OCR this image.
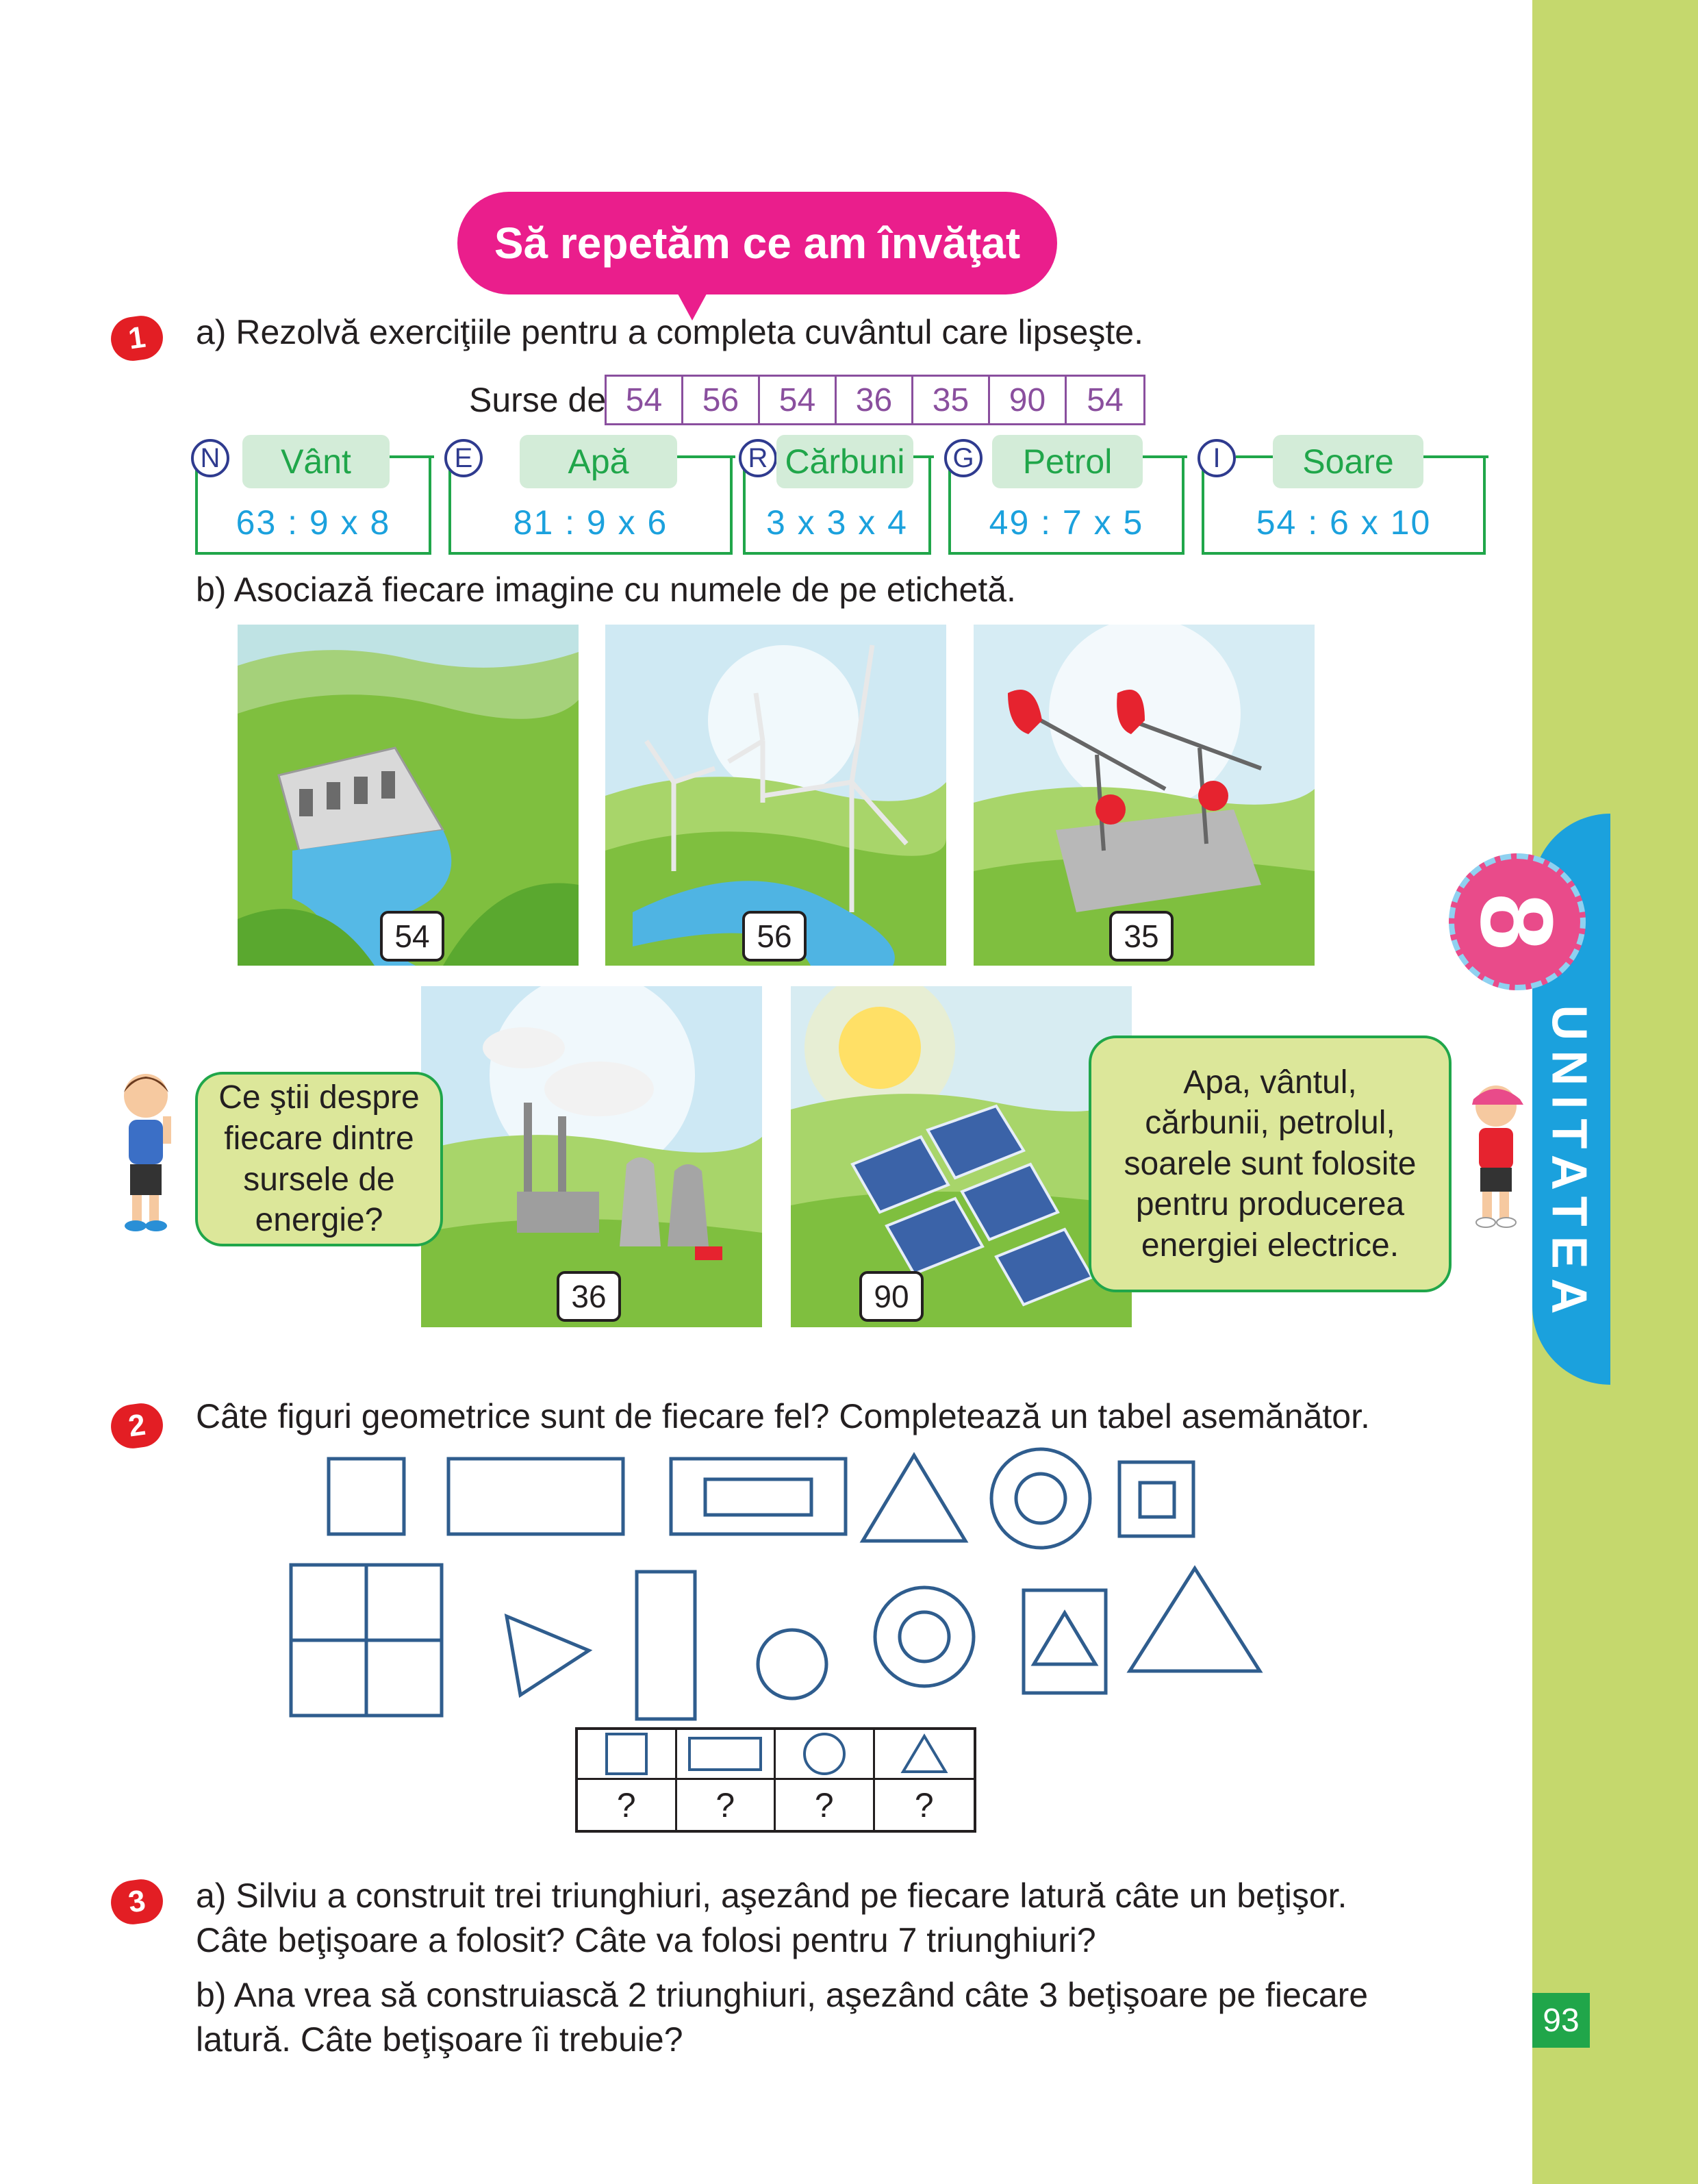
UNITATEA
8
93
Să repetăm ce am învăţat
1	a) Rezolvă exerciţiile pentru a completa cuvântul care lipseşte.
Surse de 54	56	54	36	35	90	54
N	Vânt
63 : 9 x 8
E	Apă
81 : 9 x 6
R Cărbuni
3 x 3 x 4
G	Petrol
49 : 7 x 5
I	Soare
54 : 6 x 10
b) Asociază fiecare imagine cu numele de pe etichetă.
54	56	35
36	90
Ce ştii despre
fiecare dintre
sursele de
energie?
Apa, vântul,
cărbunii, petrolul,
soarele sunt folosite
pentru producerea
energiei electrice.
2	Câte figuri geometrice sunt de fiecare fel? Completează un tabel asemănător.
?	?	?	?
3	a) Silviu a construit trei triunghiuri, aşezând pe fiecare latură câte un beţişor.
Câte beţişoare a folosit? Câte va folosi pentru 7 triunghiuri?
b) Ana vrea să construiască 2 triunghiuri, aşezând câte 3 beţişoare pe fiecare
latură. Câte beţişoare îi trebuie?
